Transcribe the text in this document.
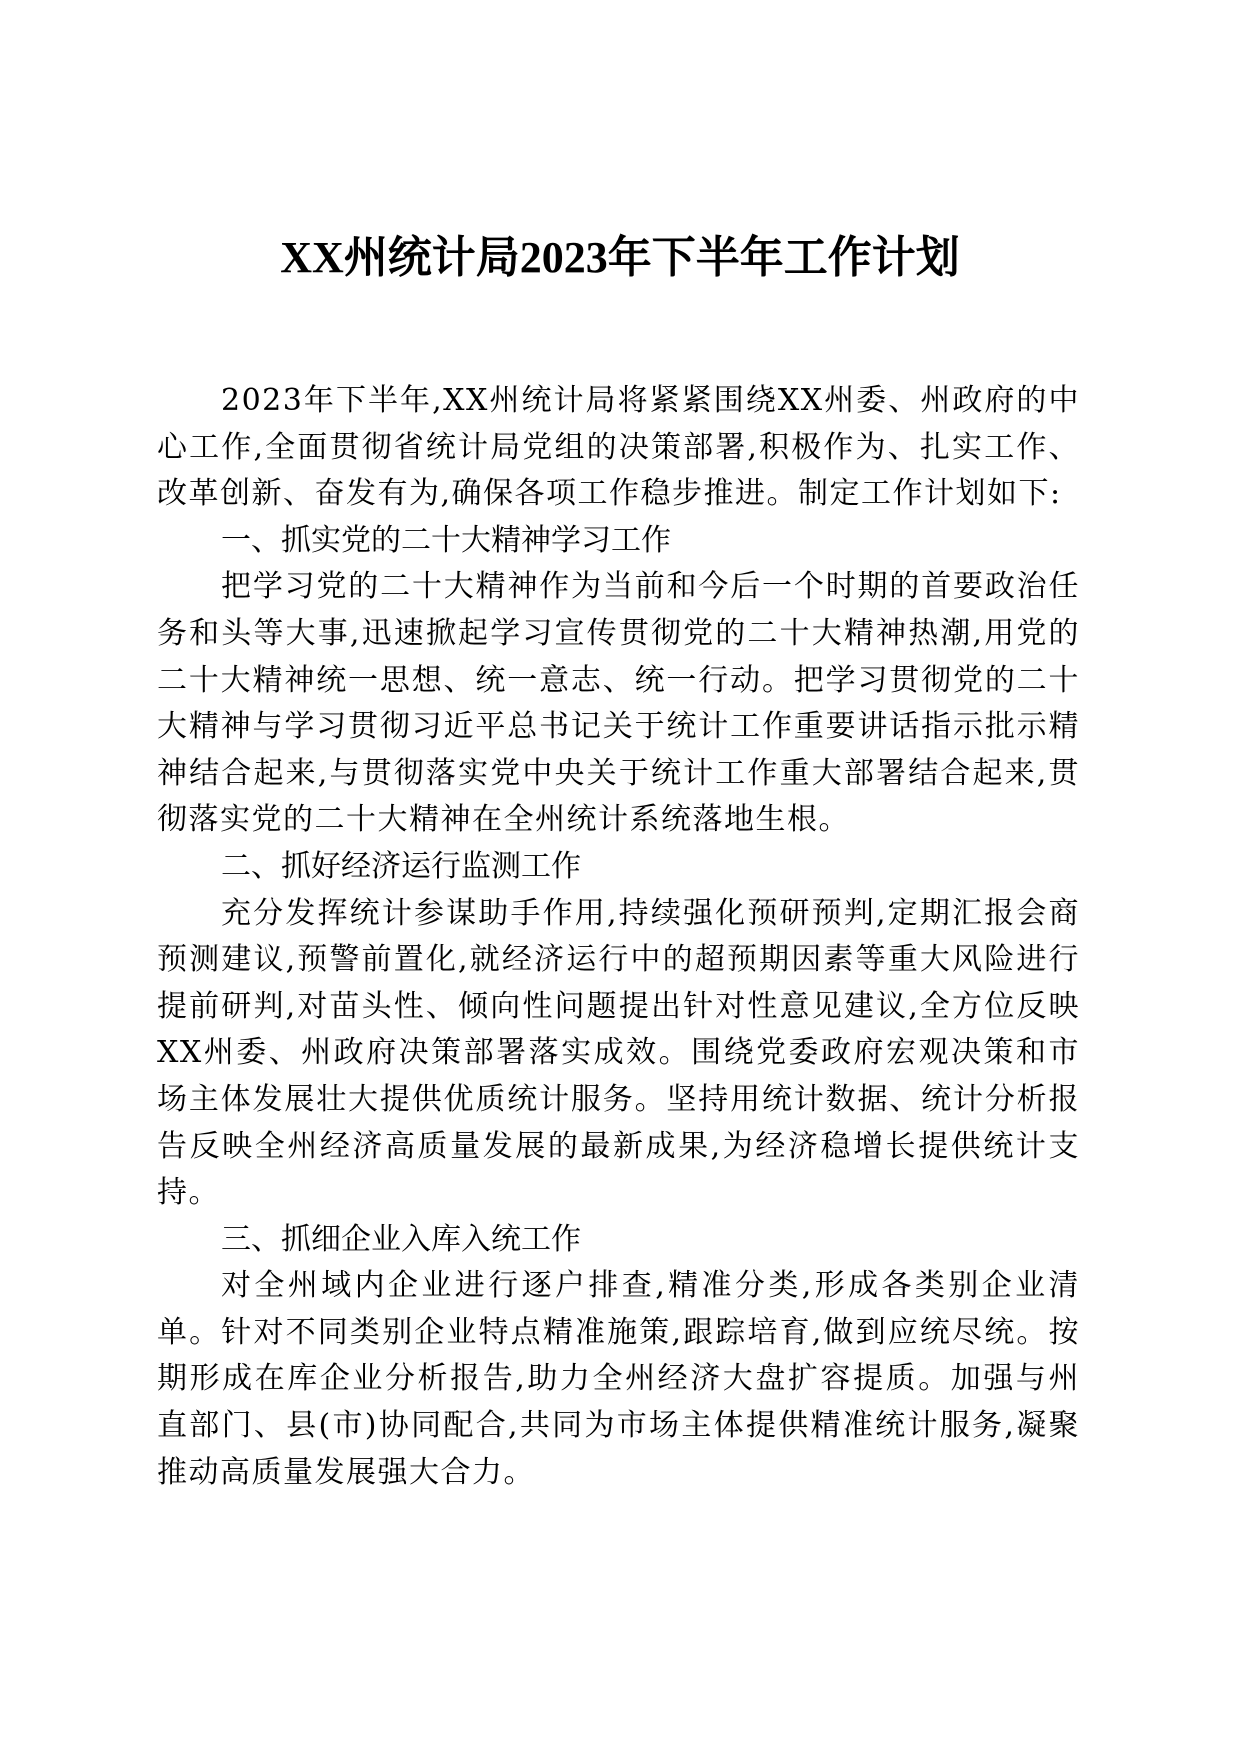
XX州统计局2023年下半年工作计划

2023年下半年,XX州统计局将紧紧围绕XX州委、州政府的中心工作,全面贯彻省统计局党组的决策部署,积极作为、扎实工作、改革创新、奋发有为,确保各项工作稳步推进。制定工作计划如下:

一、抓实党的二十大精神学习工作

把学习党的二十大精神作为当前和今后一个时期的首要政治任务和头等大事,迅速掀起学习宣传贯彻党的二十大精神热潮,用党的二十大精神统一思想、统一意志、统一行动。把学习贯彻党的二十大精神与学习贯彻习近平总书记关于统计工作重要讲话指示批示精神结合起来,与贯彻落实党中央关于统计工作重大部署结合起来,贯彻落实党的二十大精神在全州统计系统落地生根。

二、抓好经济运行监测工作

充分发挥统计参谋助手作用,持续强化预研预判,定期汇报会商预测建议,预警前置化,就经济运行中的超预期因素等重大风险进行提前研判,对苗头性、倾向性问题提出针对性意见建议,全方位反映XX州委、州政府决策部署落实成效。围绕党委政府宏观决策和市场主体发展壮大提供优质统计服务。坚持用统计数据、统计分析报告反映全州经济高质量发展的最新成果,为经济稳增长提供统计支持。

三、抓细企业入库入统工作

对全州域内企业进行逐户排查,精准分类,形成各类别企业清单。针对不同类别企业特点精准施策,跟踪培育,做到应统尽统。按期形成在库企业分析报告,助力全州经济大盘扩容提质。加强与州直部门、县(市)协同配合,共同为市场主体提供精准统计服务,凝聚推动高质量发展强大合力。
